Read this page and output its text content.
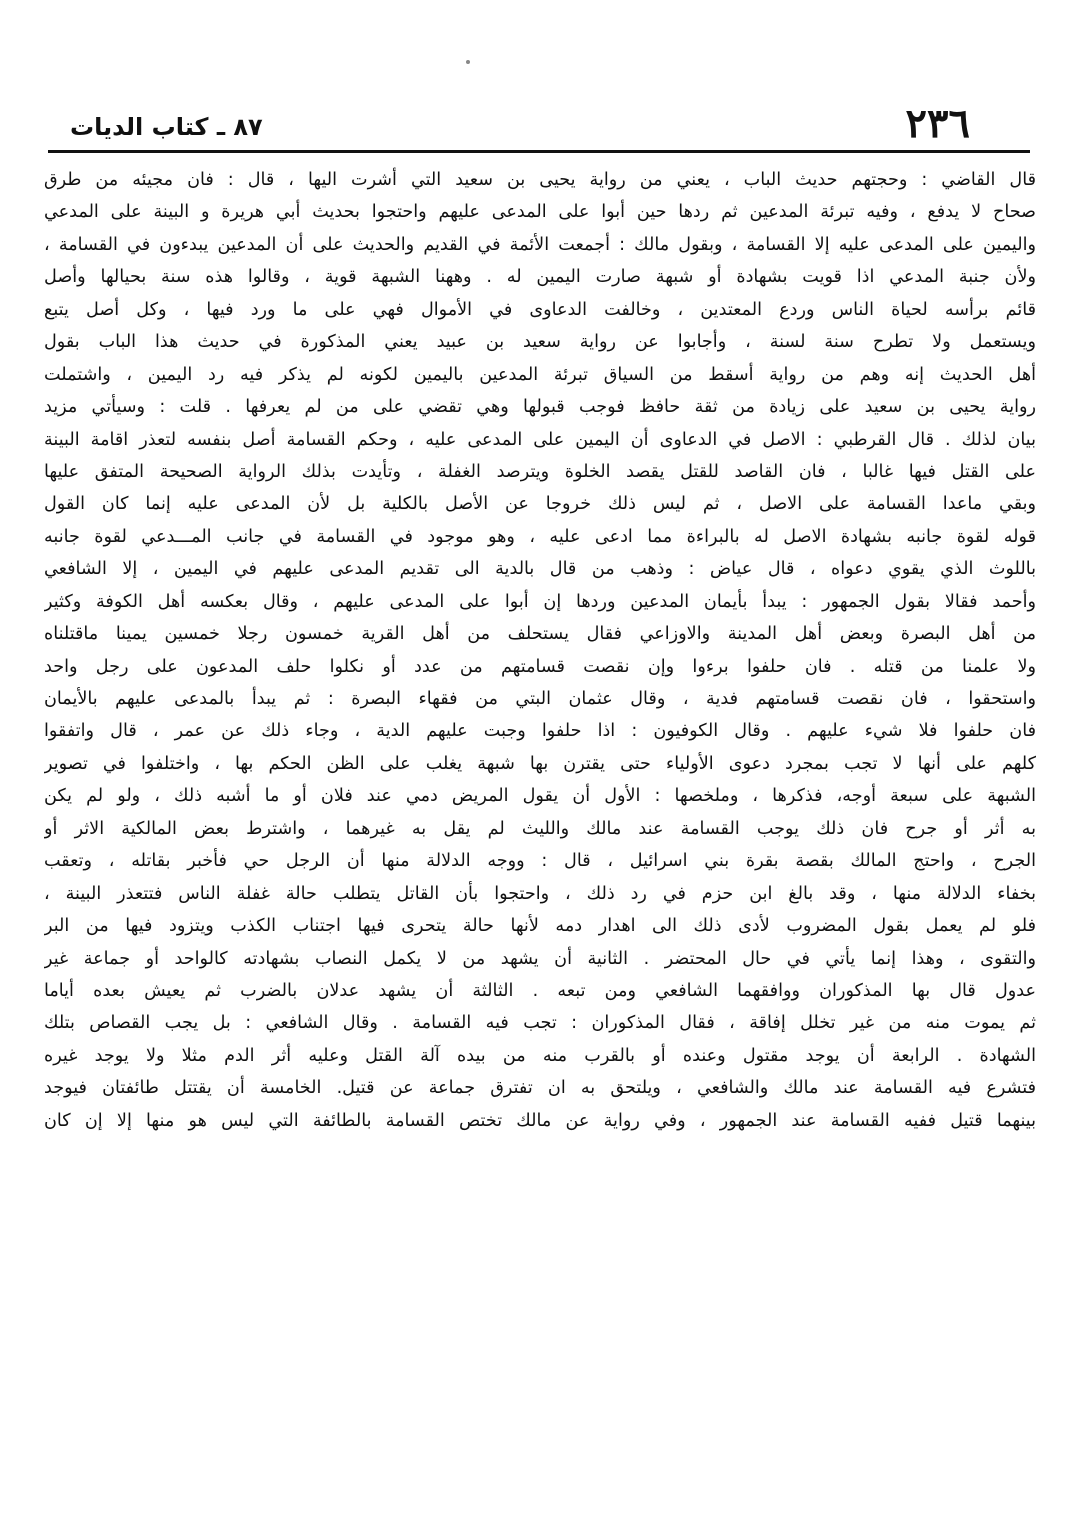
٢٣٦
٨٧ ـ كتاب الديات
قال القاضي : وحجتهم حديث الباب ، يعني من رواية يحيى بن سعيد التي أشرت اليها ، قال : فان مجيئه من طرق
صحاح لا يدفع ، وفيه تبرئة المدعين ثم ردها حين أبوا على المدعى عليهم واحتجوا بحديث أبي هريرة و البينة على المدعي
واليمين على المدعى عليه إلا القسامة ، وبقول مالك : أجمعت الأئمة في القديم والحديث على أن المدعين يبدءون في القسامة ،
ولأن جنبة المدعي اذا قويت بشهادة أو شبهة صارت اليمين له . وههنا الشبهة قوية ، وقالوا هذه سنة بحيالها وأصل
قائم برأسه لحياة الناس وردع المعتدين ، وخالفت الدعاوى في الأموال فهي على ما ورد فيها ، وكل أصل يتبع
ويستعمل ولا تطرح سنة لسنة ، وأجابوا عن رواية سعيد بن عبيد يعني المذكورة في حديث هذا الباب بقول
أهل الحديث إنه وهم من رواية أسقط من السياق تبرئة المدعين باليمين لكونه لم يذكر فيه رد اليمين ، واشتملت
رواية يحيى بن سعيد على زيادة من ثقة حافظ فوجب قبولها وهي تقضي على من لم يعرفها . قلت : وسيأتي مزيد
بيان لذلك . قال القرطبي : الاصل في الدعاوى أن اليمين على المدعى عليه ، وحكم القسامة أصل بنفسه لتعذر اقامة البينة
على القتل فيها غالبا ، فان القاصد للقتل يقصد الخلوة ويترصد الغفلة ، وتأيدت بذلك الرواية الصحيحة المتفق عليها
وبقي ماعدا القسامة على الاصل ، ثم ليس ذلك خروجا عن الأصل بالكلية بل لأن المدعى عليه إنما كان القول
قوله لقوة جانبه بشهادة الاصل له بالبراءة مما ادعى عليه ، وهو موجود في القسامة في جانب المـــدعي لقوة جانبه
باللوث الذي يقوي دعواه ، قال عياض : وذهب من قال بالدية الى تقديم المدعى عليهم في اليمين ، إلا الشافعي
وأحمد فقالا بقول الجمهور : يبدأ بأيمان المدعين وردها إن أبوا على المدعى عليهم ، وقال بعكسه أهل الكوفة وكثير
من أهل البصرة وبعض أهل المدينة والاوزاعي فقال يستحلف من أهل القرية خمسون رجلا خمسين يمينا ماقتلناه
ولا علمنا من قتله . فان حلفوا برءوا وإن نقصت قسامتهم من عدد أو نكلوا حلف المدعون على رجل واحد
واستحقوا ، فان نقصت قسامتهم فدية ، وقال عثمان البتي من فقهاء البصرة : ثم يبدأ بالمدعى عليهم بالأيمان
فان حلفوا فلا شيء عليهم . وقال الكوفيون : اذا حلفوا وجبت عليهم الدية ، وجاء ذلك عن عمر ، قال واتفقوا
كلهم على أنها لا تجب بمجرد دعوى الأولياء حتى يقترن بها شبهة يغلب على الظن الحكم بها ، واختلفوا في تصوير
الشبهة على سبعة أوجه، فذكرها ، وملخصها : الأول أن يقول المريض دمي عند فلان أو ما أشبه ذلك ، ولو لم يكن
به أثر أو جرح فان ذلك يوجب القسامة عند مالك والليث لم يقل به غيرهما ، واشترط بعض المالكية الاثر أو
الجرح ، واحتج المالك بقصة بقرة بني اسرائيل ، قال : ووجه الدلالة منها أن الرجل حي فأخبر بقاتله ، وتعقب
بخفاء الدلالة منها ، وقد بالغ ابن حزم في رد ذلك ، واحتجوا بأن القاتل يتطلب حالة غفلة الناس فتتعذر البينة ،
فلو لم يعمل بقول المضروب لأدى ذلك الى اهدار دمه لأنها حالة يتحرى فيها اجتناب الكذب ويتزود فيها من البر
والتقوى ، وهذا إنما يأتي في حال المحتضر . الثانية أن يشهد من لا يكمل النصاب بشهادته كالواحد أو جماعة غير
عدول قال بها المذكوران ووافقهما الشافعي ومن تبعه . الثالثة أن يشهد عدلان بالضرب ثم يعيش بعده أياما
ثم يموت منه من غير تخلل إفاقة ، فقال المذكوران : تجب فيه القسامة . وقال الشافعي : بل يجب القصاص بتلك
الشهادة . الرابعة أن يوجد مقتول وعنده أو بالقرب منه من بيده آلة القتل وعليه أثر الدم مثلا ولا يوجد غيره
فتشرع فيه القسامة عند مالك والشافعي ، ويلتحق به ان تفترق جماعة عن قتيل. الخامسة أن يقتتل طائفتان فيوجد
بينهما قتيل ففيه القسامة عند الجمهور ، وفي رواية عن مالك تختص القسامة بالطائفة التي ليس هو منها إلا إن كان
